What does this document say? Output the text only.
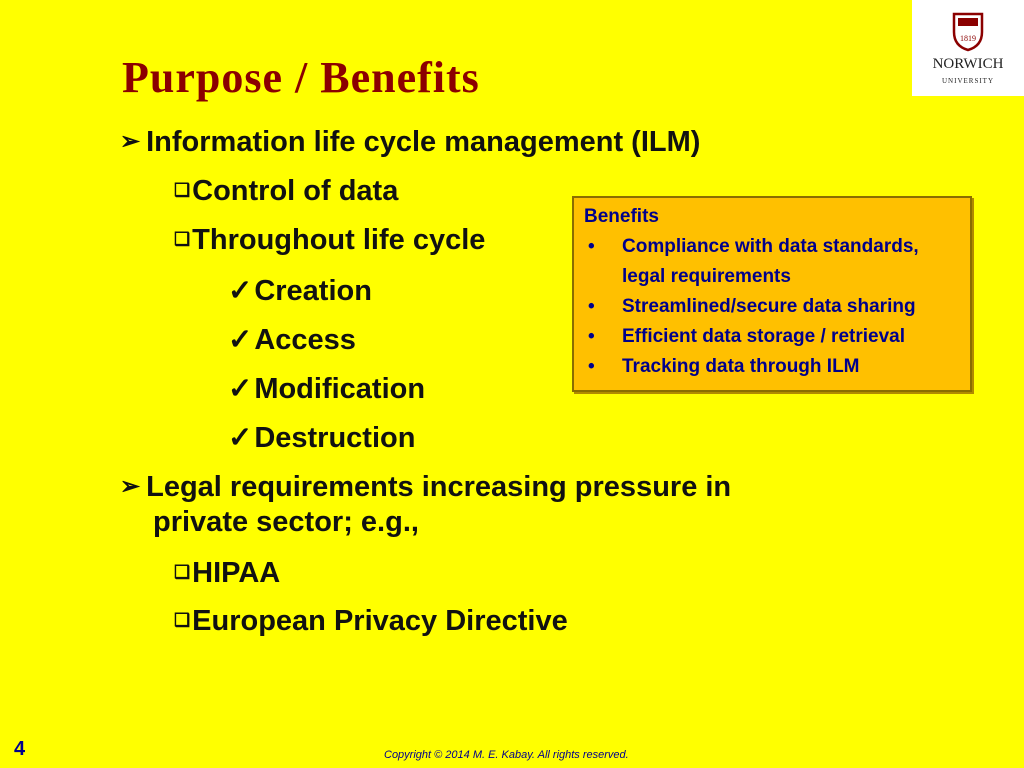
Purpose / Benefits
1819
NORWICH
UNIVERSITY
➢ Information life cycle management (ILM)
❑Control of data
❑Throughout life cycle
✓Creation
✓Access
✓Modification
✓Destruction
➢ Legal requirements increasing pressure in
private sector; e.g.,
❑HIPAA
❑European Privacy Directive
Benefits
• Compliance with data standards, legal requirements
• Streamlined/secure data sharing
• Efficient data storage / retrieval
• Tracking data through ILM
4	Copyright © 2014 M. E. Kabay. All rights reserved.
